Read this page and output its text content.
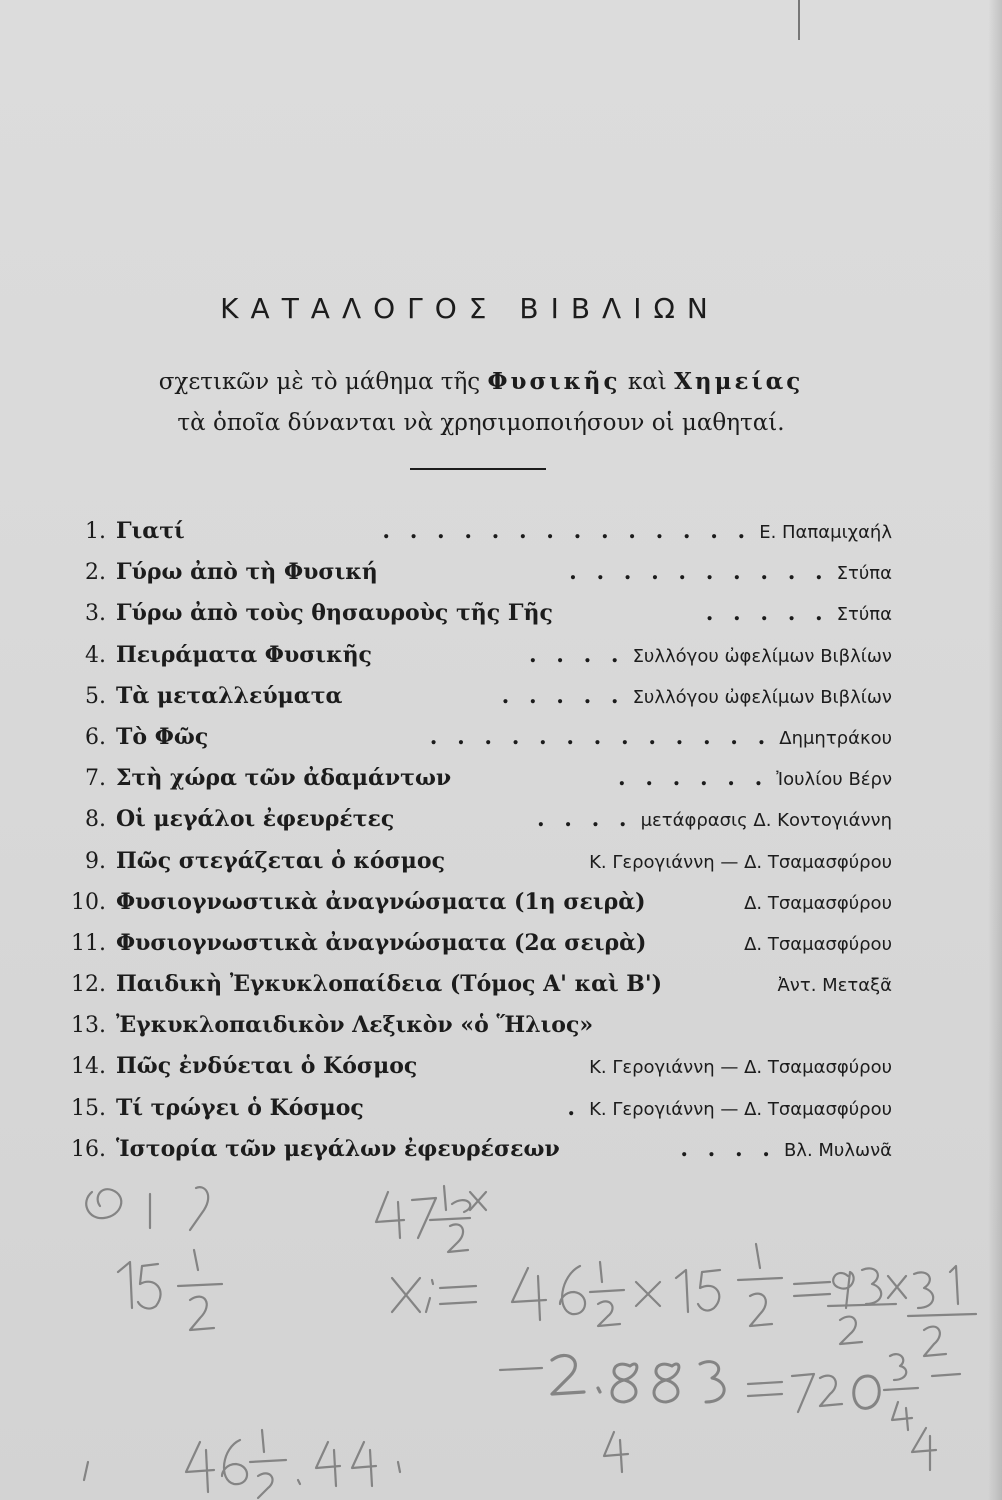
ΚΑΤΑΛΟΓΟΣ ΒΙΒΛΙΩΝ

σχετικῶν μὲ τὸ μάθημα τῆς Φυσικῆς καὶ Χημείας

τὰ ὁποῖα δύνανται νὰ χρησιμοποιήσουν οἱ μαθηταί.

1. Γιατί	. . . . . . . . . . . . . . Ε. Παπαμιχαήλ
2. Γύρω ἀπὸ τὴ Φυσική	. . . . . . . . . . Στύπα
3. Γύρω ἀπὸ τοὺς θησαυροὺς τῆς Γῆς	. . . . . Στύπα
4. Πειράματα Φυσικῆς	. . . . Συλλόγου ὠφελίμων Βιβλίων
5. Τὰ μεταλλεύματα	. . . . . Συλλόγου ὠφελίμων Βιβλίων
6. Τὸ Φῶς	. . . . . . . . . . . . . Δημητράκου
7. Στὴ χώρα τῶν ἀδαμάντων	. . . . . . Ἰουλίου Βέρν
8. Οἱ μεγάλοι ἐφευρέτες	. . . . μετάφρασις Δ. Κοντογιάννη
9. Πῶς στεγάζεται ὁ κόσμος	Κ. Γερογιάννη — Δ. Τσαμασφύρου
10. Φυσιογνωστικὰ ἀναγνώσματα (1η σειρὰ)	Δ. Τσαμασφύρου
11. Φυσιογνωστικὰ ἀναγνώσματα (2α σειρὰ)	Δ. Τσαμασφύρου
12. Παιδικὴ Ἐγκυκλοπαίδεια (Τόμος Α' καὶ Β')	Ἀντ. Μεταξᾶ
13. Ἐγκυκλοπαιδικὸν Λεξικὸν «ὁ Ἥλιος»
14. Πῶς ἐνδύεται ὁ Κόσμος	Κ. Γερογιάννη — Δ. Τσαμασφύρου
15. Τί τρώγει ὁ Κόσμος	. Κ. Γερογιάννη — Δ. Τσαμασφύρου
16. Ἱστορία τῶν μεγάλων ἐφευρέσεων	. . . . Βλ. Μυλωνᾶ
